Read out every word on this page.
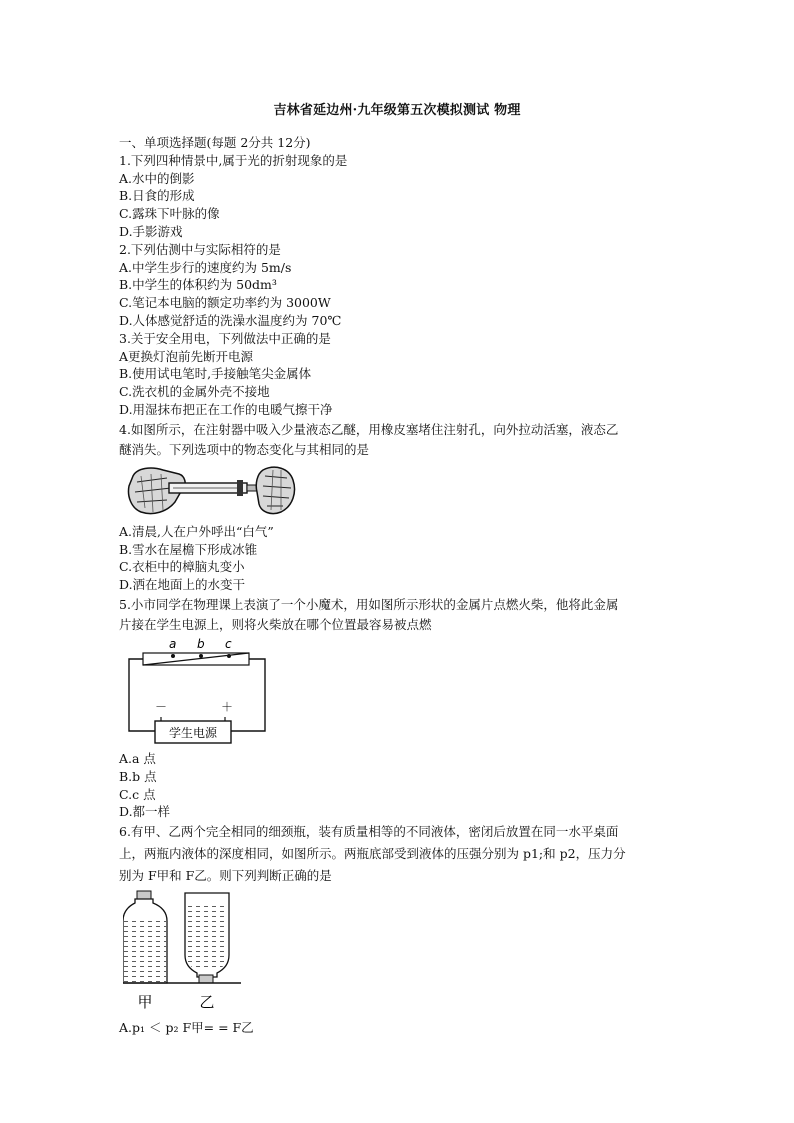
吉林省延边州·九年级第五次模拟测试 物理
一、单项选择题(每题 2分共 12分)
1.下列四种情景中,属于光的折射现象的是
A.水中的倒影
B.日食的形成
C.露珠下叶脉的像
D.手影游戏
2.下列估测中与实际相符的是
A.中学生步行的速度约为 5m/s
B.中学生的体积约为 50dm³
C.笔记本电脑的额定功率约为 3000W
D.人体感觉舒适的洗澡水温度约为 70℃
3.关于安全用电，下列做法中正确的是
A更换灯泡前先断开电源
B.使用试电笔时,手接触笔尖金属体
C.洗衣机的金属外壳不接地
D.用湿抹布把正在工作的电暖气擦干净
4.如图所示，在注射器中吸入少量液态乙醚，用橡皮塞堵住注射孔，向外拉动活塞，液态乙
醚消失。下列选项中的物态变化与其相同的是
A.清晨,人在户外呼出“白气”
B.雪水在屋檐下形成冰锥
C.衣柜中的樟脑丸变小
D.洒在地面上的水变干
5.小市同学在物理课上表演了一个小魔术，用如图所示形状的金属片点燃火柴，他将此金属
片接在学生电源上，则将火柴放在哪个位置最容易被点燃
a b c
－	＋
学生电源
A.a 点
B.b 点
C.c 点
D.都一样
6.有甲、乙两个完全相同的细颈瓶，装有质量相等的不同液体，密闭后放置在同一水平桌面
上，两瓶内液体的深度相同，如图所示。两瓶底部受到液体的压强分别为 p1;和 p2，压力分
别为 F甲和 F乙。则下列判断正确的是
甲	乙
A.p₁ ＜ p₂ F甲= = F乙
